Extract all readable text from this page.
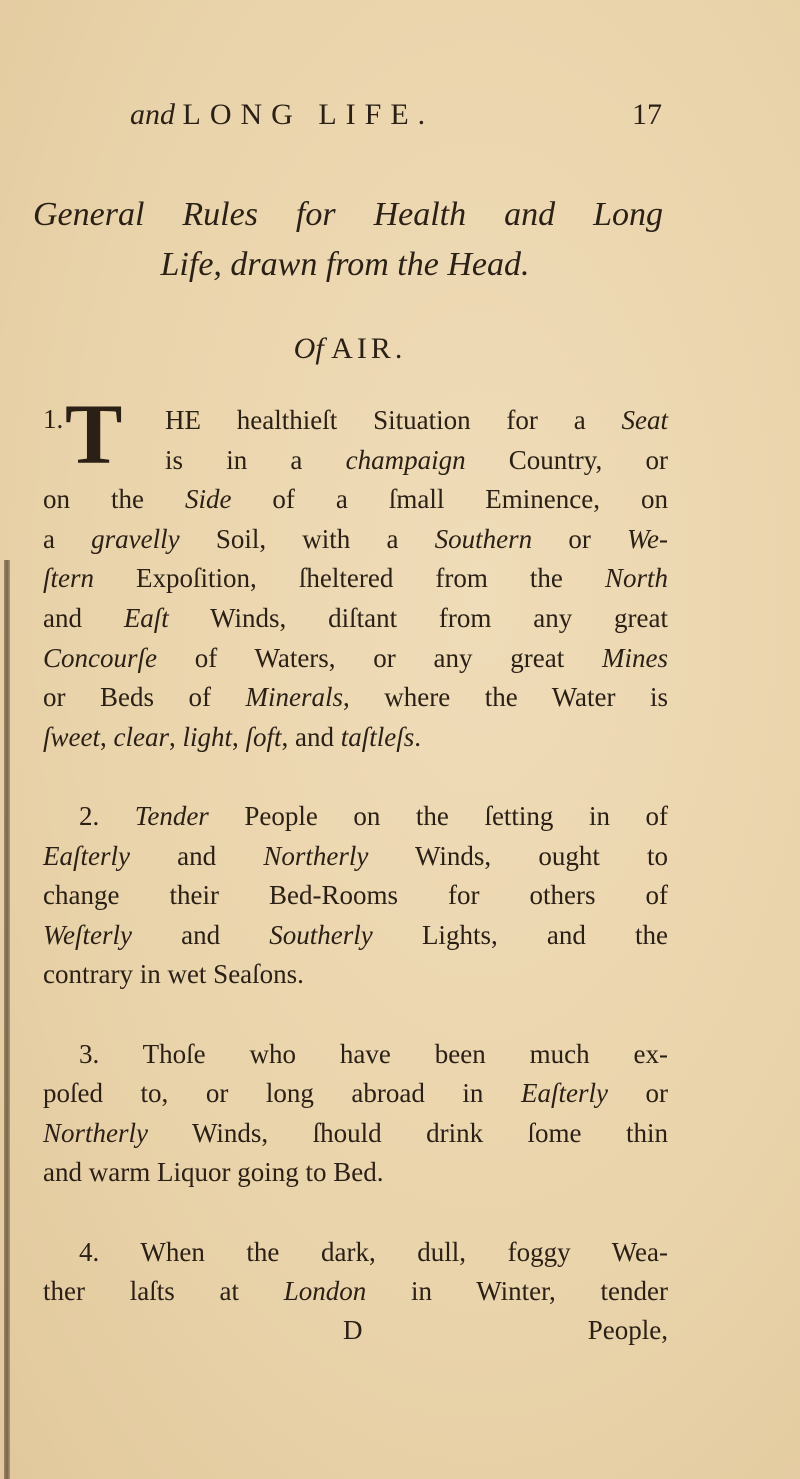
and LONG LIFE.	17
General Rules for Health and Long
Life, drawn from the Head.
Of AIR.
1. T
D	People,
HE healthieſt Situation for a Seat
is in a champaign Country, or
on the Side of a ſmall Eminence, on
a gravelly Soil, with a Southern or We-
ſtern Expoſition, ſheltered from the North
and Eaſt Winds, diſtant from any great
Concourſe of Waters, or any great Mines
or Beds of Minerals, where the Water is
ſweet, clear, light, ſoft, and taſtleſs.
2. Tender People on the ſetting in of
Eaſterly and Northerly Winds, ought to
change their Bed-Rooms for others of
Weſterly and Southerly Lights, and the
contrary in wet Seaſons.
3. Thoſe who have been much ex-
poſed to, or long abroad in Eaſterly or
Northerly Winds, ſhould drink ſome thin
and warm Liquor going to Bed.
4. When the dark, dull, foggy Wea-
ther laſts at London in Winter, tender
